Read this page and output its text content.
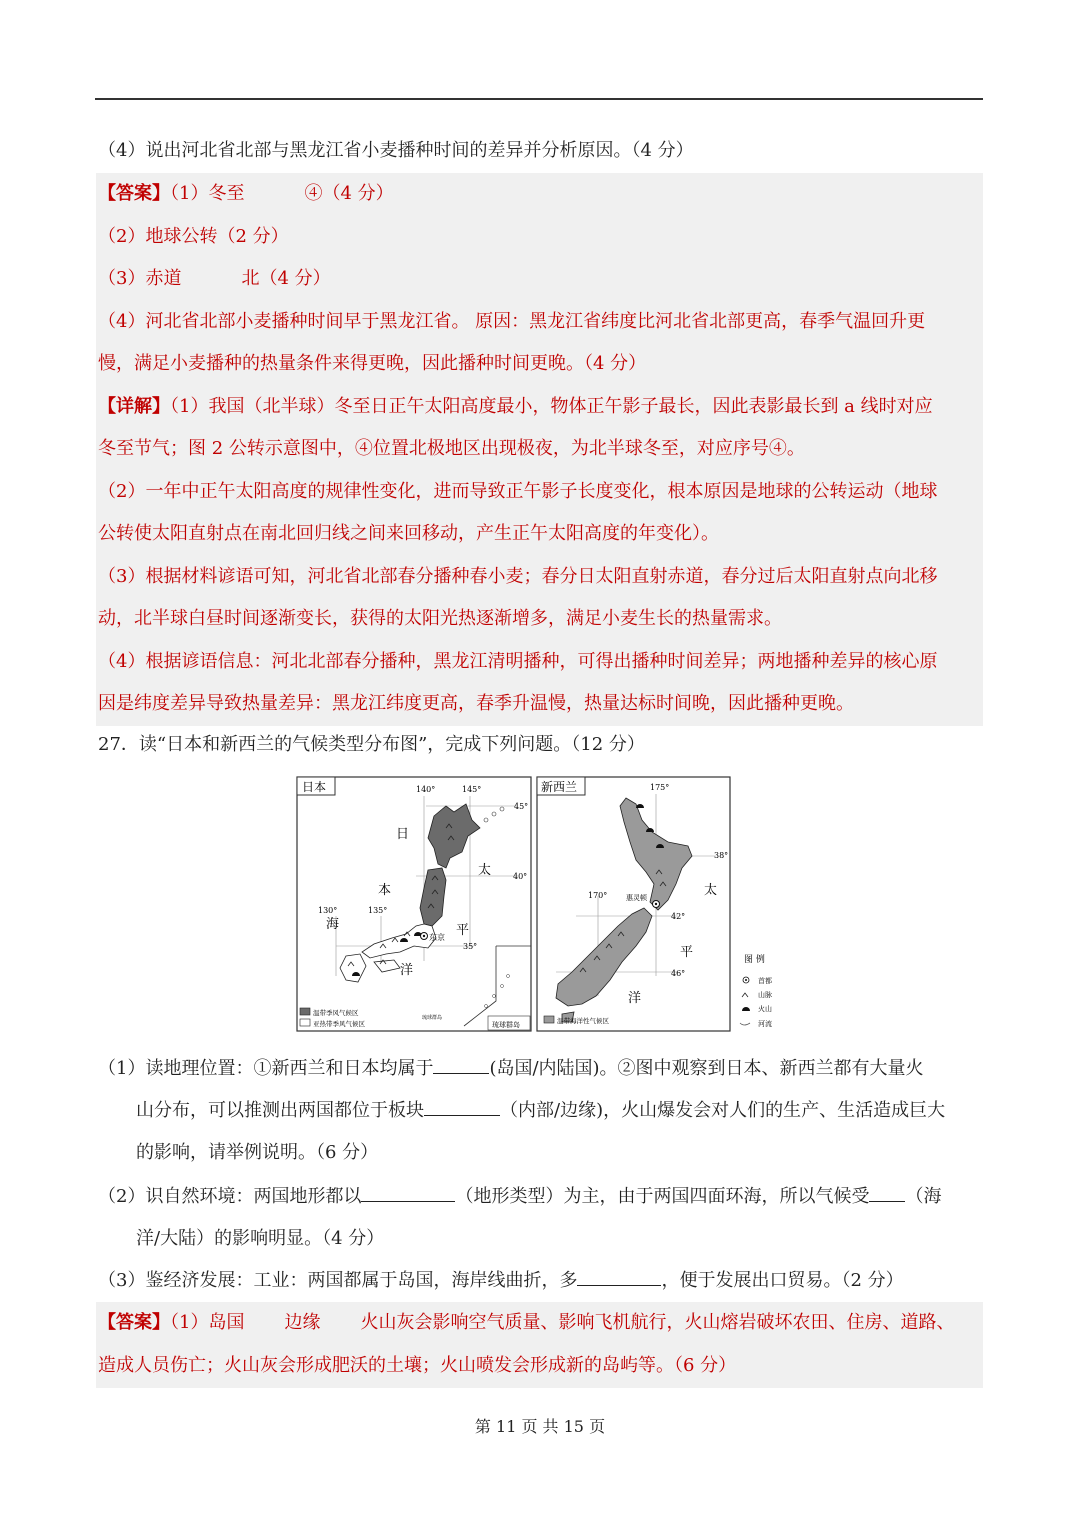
（4）说出河北省北部与黑龙江省小麦播种时间的差异并分析原因。（4 分）

【答案】（1）冬至	④（4 分）
（2）地球公转（2 分）
（3）赤道	北（4 分）
（4）河北省北部小麦播种时间早于黑龙江省。 原因：黑龙江省纬度比河北省北部更高，春季气温回升更
慢，满足小麦播种的热量条件来得更晚，因此播种时间更晚。（4 分）
【详解】（1）我国（北半球）冬至日正午太阳高度最小，物体正午影子最长，因此表影最长到 a 线时对应
冬至节气；图 2 公转示意图中，④位置北极地区出现极夜，为北半球冬至，对应序号④。
（2）一年中正午太阳高度的规律性变化，进而导致正午影子长度变化，根本原因是地球的公转运动（地球
公转使太阳直射点在南北回归线之间来回移动，产生正午太阳高度的年变化）。
（3）根据材料谚语可知，河北省北部春分播种春小麦；春分日太阳直射赤道，春分过后太阳直射点向北移
动，北半球白昼时间逐渐变长，获得的太阳光热逐渐增多，满足小麦生长的热量需求。
（4）根据谚语信息：河北北部春分播种，黑龙江清明播种，可得出播种时间差异；两地播种差异的核心原
因是纬度差异导致热量差异：黑龙江纬度更高，春季升温慢，热量达标时间晚，因此播种更晚。

27．读“日本和新西兰的气候类型分布图”，完成下列问题。（12 分）

日本	140°	145°
45°
40°
130°	135°
35°
东京
日
本
海
太
平
洋
温带季风气候区
亚热带季风气候区
琉球群岛
琉球群岛
新西兰	175°
170°
38°
42°
46°
惠灵顿	太
平
洋
温带海洋性气候区
图 例
首都
山脉
火山
河流
（1）读地理位置：①新西兰和日本均属于	(岛国/内陆国)。②图中观察到日本、新西兰都有大量火
山分布，可以推测出两国都位于板块	（内部/边缘)，火山爆发会对人们的生产、生活造成巨大
的影响，请举例说明。（6 分）
（2）识自然环境：两国地形都以	（地形类型）为主，由于两国四面环海，所以气候受 （海
洋/大陆）的影响明显。（4 分）
（3）鉴经济发展：工业：两国都属于岛国，海岸线曲折，多	，便于发展出口贸易。（2 分）
【答案】（1）岛国 边缘 火山灰会影响空气质量、影响飞机航行，火山熔岩破坏农田、住房、道路、
造成人员伤亡；火山灰会形成肥沃的土壤；火山喷发会形成新的岛屿等。（6 分）
第 11 页 共 15 页
